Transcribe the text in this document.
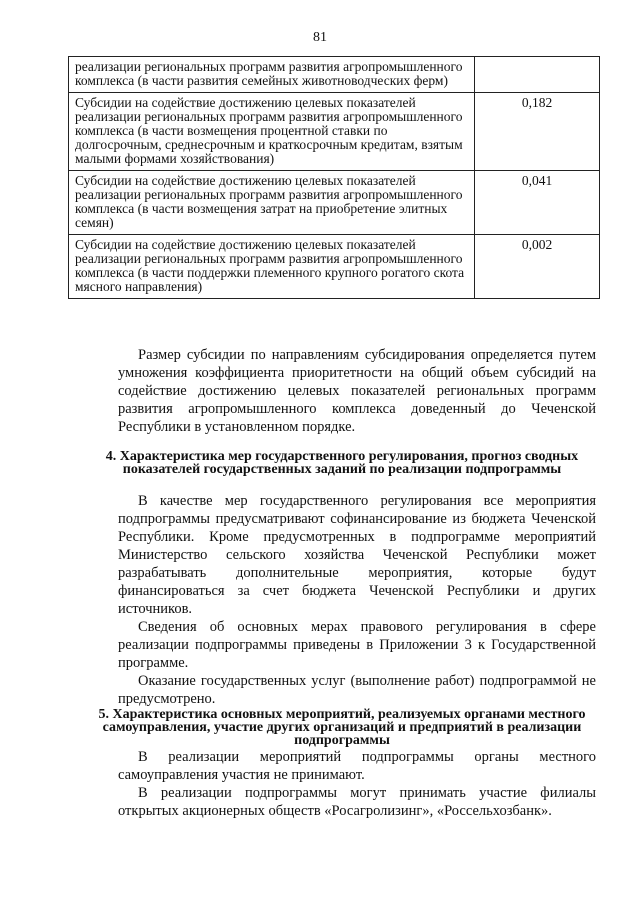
81
реализации региональных программ развития агропромышленного комплекса (в части развития семейных животноводческих ферм)	
Субсидии на содействие достижению целевых показателей реализации региональных программ развития агропромышленного комплекса (в части возмещения процентной ставки по долгосрочным, среднесрочным и краткосрочным кредитам, взятым малыми формами хозяйствования)	0,182
Субсидии на содействие достижению целевых показателей реализации региональных программ развития агропромышленного комплекса (в части возмещения затрат на приобретение элитных семян)	0,041
Субсидии на содействие достижению целевых показателей реализации региональных программ развития агропромышленного комплекса (в части поддержки племенного крупного рогатого скота мясного направления)	0,002
Размер субсидии по направлениям субсидирования определяется путем умножения коэффициента приоритетности на общий объем субсидий на содействие достижению целевых показателей региональных программ развития агропромышленного комплекса доведенный до Чеченской Республики в установленном порядке.
4. Характеристика мер государственного регулирования, прогноз сводных показателей государственных заданий по реализации подпрограммы
В качестве мер государственного регулирования все мероприятия подпрограммы предусматривают софинансирование из бюджета Чеченской Республики. Кроме предусмотренных в подпрограмме мероприятий Министерство сельского хозяйства Чеченской Республики может разрабатывать дополнительные мероприятия, которые будут финансироваться за счет бюджета Чеченской Республики и других источников.
Сведения об основных мерах правового регулирования в сфере реализации подпрограммы приведены в Приложении 3 к Государственной программе.
Оказание государственных услуг (выполнение работ) подпрограммой не предусмотрено.
5. Характеристика основных мероприятий, реализуемых органами местного самоуправления, участие других организаций и предприятий в реализации подпрограммы
В реализации мероприятий подпрограммы органы местного самоуправления участия не принимают.
В реализации подпрограммы могут принимать участие филиалы открытых акционерных обществ «Росагролизинг», «Россельхозбанк».
